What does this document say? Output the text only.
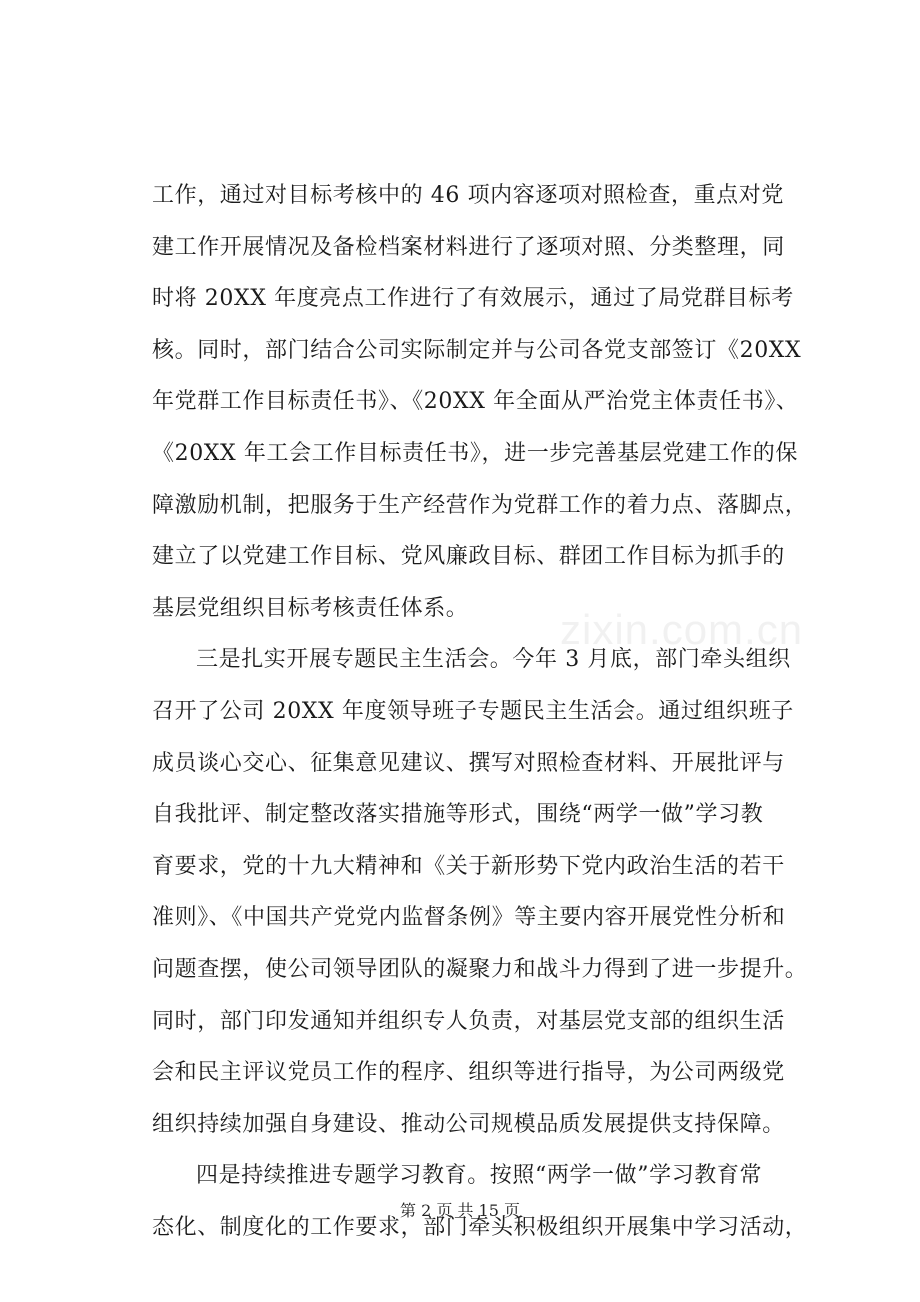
zixin.com.cn
工作，通过对目标考核中的 46 项内容逐项对照检查，重点对党
建工作开展情况及备检档案材料进行了逐项对照、分类整理，同
时将 20XX 年度亮点工作进行了有效展示，通过了局党群目标考
核。同时，部门结合公司实际制定并与公司各党支部签订《20XX
年党群工作目标责任书》、《20XX 年全面从严治党主体责任书》、
《20XX 年工会工作目标责任书》，进一步完善基层党建工作的保
障激励机制，把服务于生产经营作为党群工作的着力点、落脚点，
建立了以党建工作目标、党风廉政目标、群团工作目标为抓手的
基层党组织目标考核责任体系。
三是扎实开展专题民主生活会。今年 3 月底，部门牵头组织
召开了公司 20XX 年度领导班子专题民主生活会。通过组织班子
成员谈心交心、征集意见建议、撰写对照检查材料、开展批评与
自我批评、制定整改落实措施等形式，围绕“两学一做”学习教
育要求，党的十九大精神和《关于新形势下党内政治生活的若干
准则》、《中国共产党党内监督条例》等主要内容开展党性分析和
问题查摆，使公司领导团队的凝聚力和战斗力得到了进一步提升。
同时，部门印发通知并组织专人负责，对基层党支部的组织生活
会和民主评议党员工作的程序、组织等进行指导，为公司两级党
组织持续加强自身建设、推动公司规模品质发展提供支持保障。
四是持续推进专题学习教育。按照“两学一做”学习教育常
态化、制度化的工作要求，部门牵头积极组织开展集中学习活动，
第 2 页 共 15 页
